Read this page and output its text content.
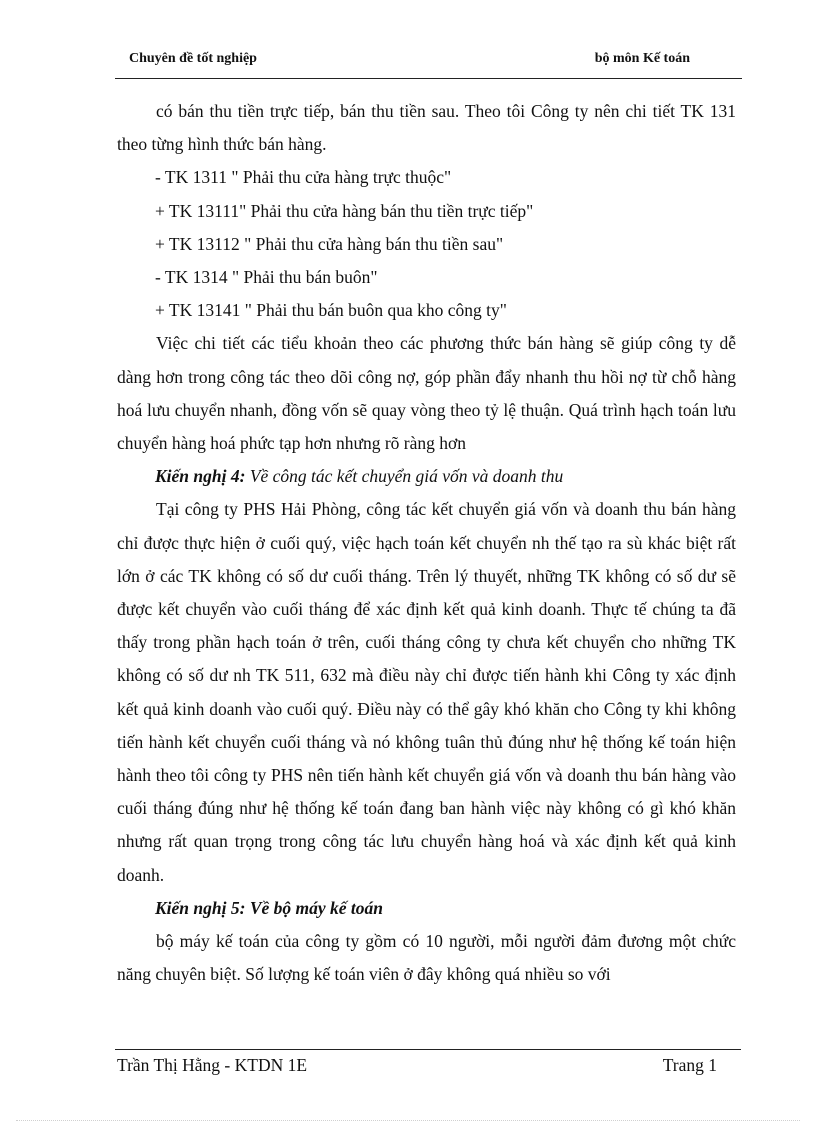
Chuyên đề tốt nghiệp	bộ môn Kế toán

có bán thu tiền trực tiếp, bán thu tiền sau. Theo tôi Công ty nên chi tiết TK 131 theo từng hình thức bán hàng.

- TK 1311 " Phải thu cửa hàng trực thuộc"

+ TK 13111" Phải thu cửa hàng bán thu tiền trực tiếp"

+ TK 13112 " Phải thu cửa hàng bán thu tiền sau"

- TK 1314 " Phải thu bán buôn"

+ TK 13141 " Phải thu bán buôn qua kho công ty"

Việc chi tiết các tiểu khoản theo các phương thức bán hàng sẽ giúp công ty dễ dàng hơn trong công tác theo dõi công nợ, góp phần đẩy nhanh thu hồi nợ từ chỗ hàng hoá lưu chuyển nhanh, đồng vốn sẽ quay vòng theo tỷ lệ thuận. Quá trình hạch toán lưu chuyển hàng hoá phức tạp hơn nhưng rõ ràng hơn

Kiến nghị 4: Về công tác kết chuyển giá vốn và doanh thu

Tại công ty PHS Hải Phòng, công tác kết chuyển giá vốn và doanh thu bán hàng chỉ được thực hiện ở cuối quý, việc hạch toán kết chuyển nh thế tạo ra sù khác biệt rất lớn ở các TK không có số dư cuối tháng. Trên lý thuyết, những TK không có số dư sẽ được kết chuyển vào cuối tháng để xác định kết quả kinh doanh. Thực tế chúng ta đã thấy trong phần hạch toán ở trên, cuối tháng công ty chưa kết chuyển cho những TK không có số dư nh TK 511, 632 mà điều này chỉ được tiến hành khi Công ty xác định kết quả kinh doanh vào cuối quý. Điều này có thể gây khó khăn cho Công ty khi không tiến hành kết chuyển cuối tháng và nó không tuân thủ đúng như hệ thống kế toán hiện hành theo tôi công ty PHS nên tiến hành kết chuyển giá vốn và doanh thu bán hàng vào cuối tháng đúng như hệ thống kế toán đang ban hành việc này không có gì khó khăn nhưng rất quan trọng trong công tác lưu chuyển hàng hoá và xác định kết quả kinh doanh.

Kiến nghị 5: Về bộ máy kế toán

bộ máy kế toán của công ty gồm có 10 người, mỗi người đảm đương một chức năng chuyên biệt. Số lượng kế toán viên ở đây không quá nhiều so với

Trần Thị Hằng - KTDN 1E	Trang 1
